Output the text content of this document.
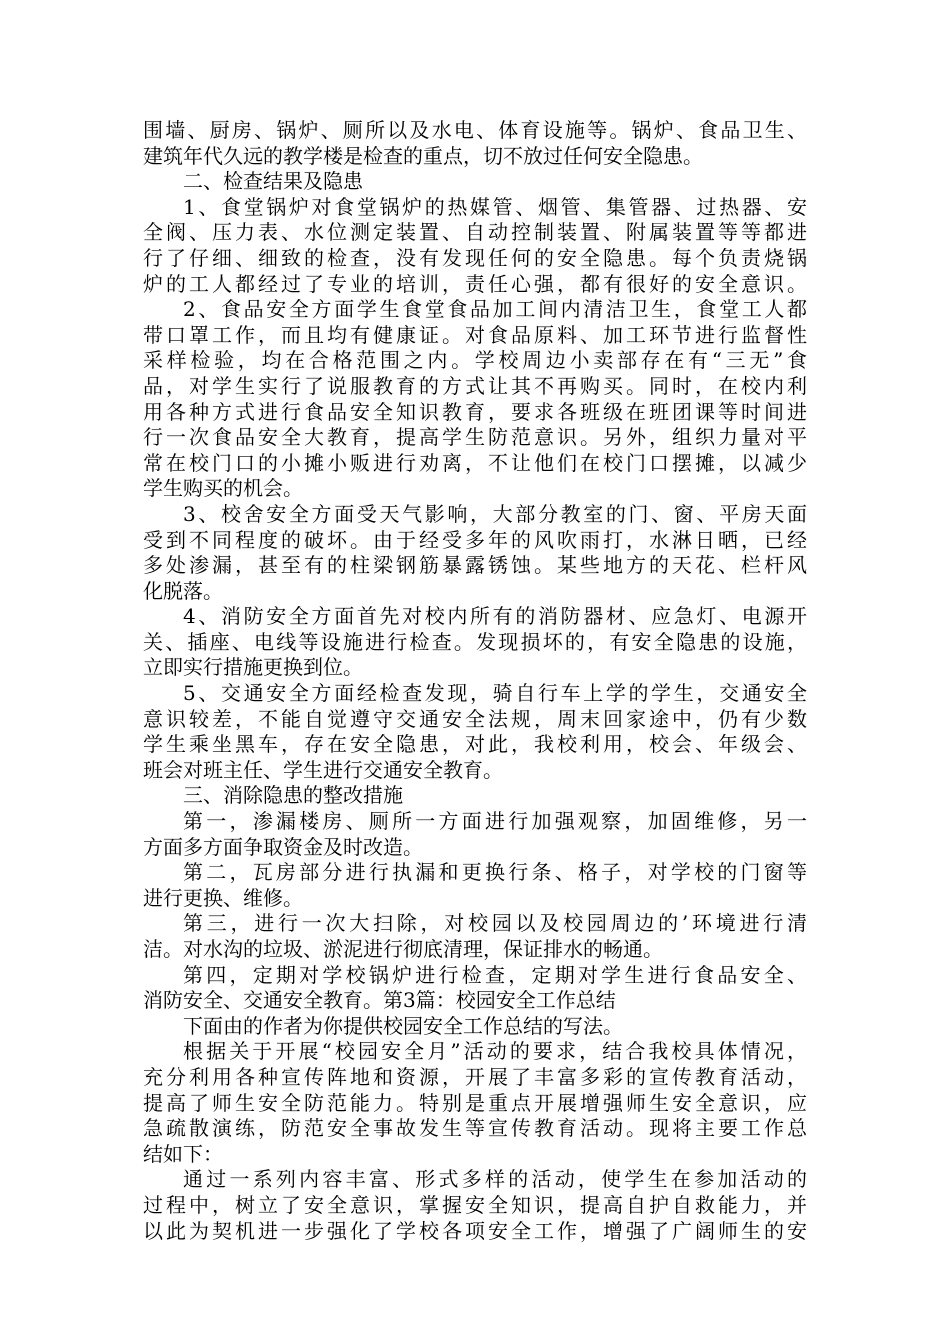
围墙、厨房、锅炉、厕所以及水电、体育设施等。锅炉、食品卫生、
建筑年代久远的教学楼是检查的重点，切不放过任何安全隐患。
二、检查结果及隐患
1、食堂锅炉对食堂锅炉的热媒管、烟管、集管器、过热器、安
全阀、压力表、水位测定装置、自动控制装置、附属装置等等都进
行了仔细、细致的检查，没有发现任何的安全隐患。每个负责烧锅
炉的工人都经过了专业的培训，责任心强，都有很好的安全意识。
2、食品安全方面学生食堂食品加工间内清洁卫生，食堂工人都
带口罩工作，而且均有健康证。对食品原料、加工环节进行监督性
采样检验，均在合格范围之内。学校周边小卖部存在有“三无”食
品，对学生实行了说服教育的方式让其不再购买。同时，在校内利
用各种方式进行食品安全知识教育，要求各班级在班团课等时间进
行一次食品安全大教育，提高学生防范意识。另外，组织力量对平
常在校门口的小摊小贩进行劝离，不让他们在校门口摆摊，以减少
学生购买的机会。
3、校舍安全方面受天气影响，大部分教室的门、窗、平房天面
受到不同程度的破坏。由于经受多年的风吹雨打，水淋日晒，已经
多处渗漏，甚至有的柱梁钢筋暴露锈蚀。某些地方的天花、栏杆风
化脱落。
4、消防安全方面首先对校内所有的消防器材、应急灯、电源开
关、插座、电线等设施进行检查。发现损坏的，有安全隐患的设施，
立即实行措施更换到位。
5、交通安全方面经检查发现，骑自行车上学的学生，交通安全
意识较差，不能自觉遵守交通安全法规，周末回家途中，仍有少数
学生乘坐黑车，存在安全隐患，对此，我校利用，校会、年级会、
班会对班主任、学生进行交通安全教育。
三、消除隐患的整改措施
第一，渗漏楼房、厕所一方面进行加强观察，加固维修，另一
方面多方面争取资金及时改造。
第二，瓦房部分进行执漏和更换行条、格子，对学校的门窗等
进行更换、维修。
第三，进行一次大扫除，对校园以及校园周边的’环境进行清
洁。对水沟的垃圾、淤泥进行彻底清理，保证排水的畅通。
第四，定期对学校锅炉进行检查，定期对学生进行食品安全、
消防安全、交通安全教育。第3篇：校园安全工作总结
下面由的作者为你提供校园安全工作总结的写法。
根据关于开展“校园安全月”活动的要求，结合我校具体情况，
充分利用各种宣传阵地和资源，开展了丰富多彩的宣传教育活动，
提高了师生安全防范能力。特别是重点开展增强师生安全意识，应
急疏散演练，防范安全事故发生等宣传教育活动。现将主要工作总
结如下：
通过一系列内容丰富、形式多样的活动，使学生在参加活动的
过程中，树立了安全意识，掌握安全知识，提高自护自救能力，并
以此为契机进一步强化了学校各项安全工作，增强了广阔师生的安
